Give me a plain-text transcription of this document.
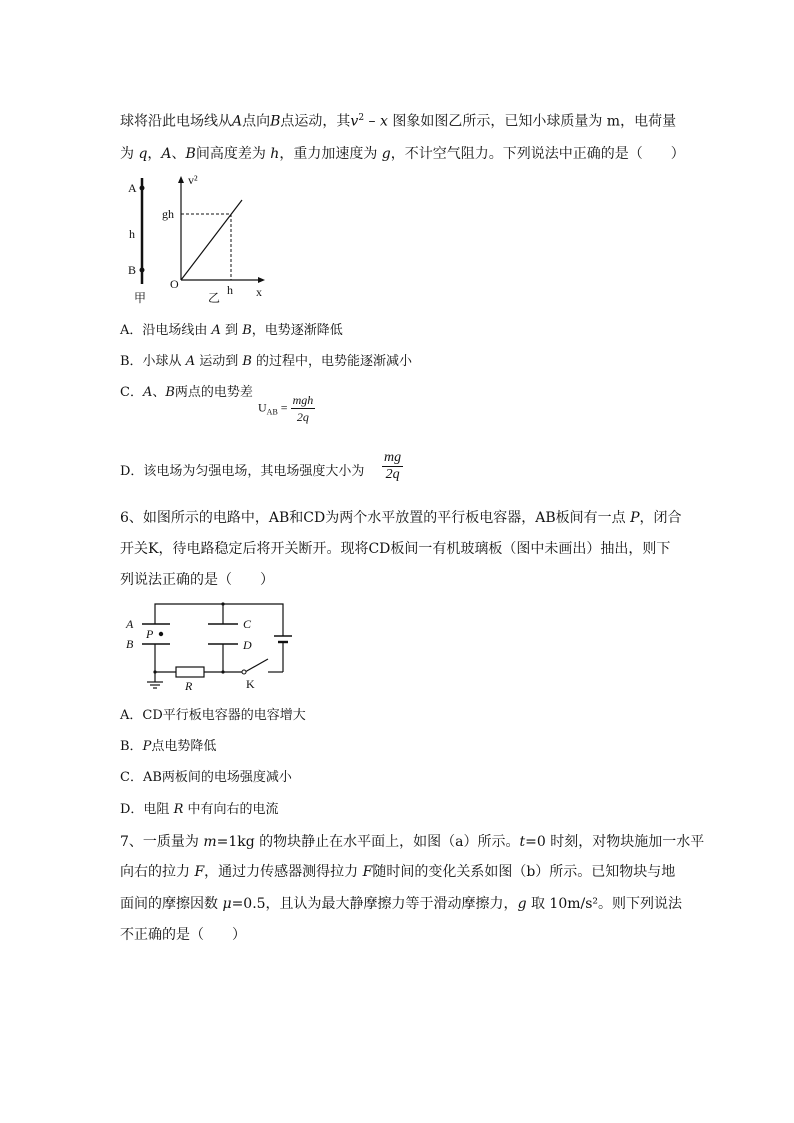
球将沿此电场线从A点向B点运动，其$v^2$ – x 图象如图乙所示，已知小球质量为 m，电荷量
为 q，A、B间高度差为 h，重力加速度为 g，不计空气阻力。下列说法中正确的是（　　）
A
h
B
甲
v²
gh
O	h x
乙
A．沿电场线由 A 到 B，电势逐渐降低
B．小球从 A 运动到 B 的过程中，电势能逐渐减小
C．A、B两点的电势差
$U_{AB} = \frac{\text{mgh}}{2q}$
D．该电场为匀强电场，其电场强度大小为 $\frac{mg}{2q}$
6、如图所示的电路中，AB和CD为两个水平放置的平行板电容器，AB板间有一点 P，闭合
开关K，待电路稳定后将开关断开。现将CD板间一有机玻璃板（图中未画出）抽出，则下
列说法正确的是（　　）
A
P
B
C
D
R	K
A．CD平行板电容器的电容增大
B．P点电势降低
C．AB两板间的电场强度减小
D．电阻 R 中有向右的电流
7、一质量为 m=1kg 的物块静止在水平面上，如图（a）所示。t=0 时刻，对物块施加一水平
向右的拉力 F，通过力传感器测得拉力 F随时间的变化关系如图（b）所示。已知物块与地
面间的摩擦因数 μ=0.5，且认为最大静摩擦力等于滑动摩擦力，g 取 10m/s²。则下列说法
不正确的是（　　）
